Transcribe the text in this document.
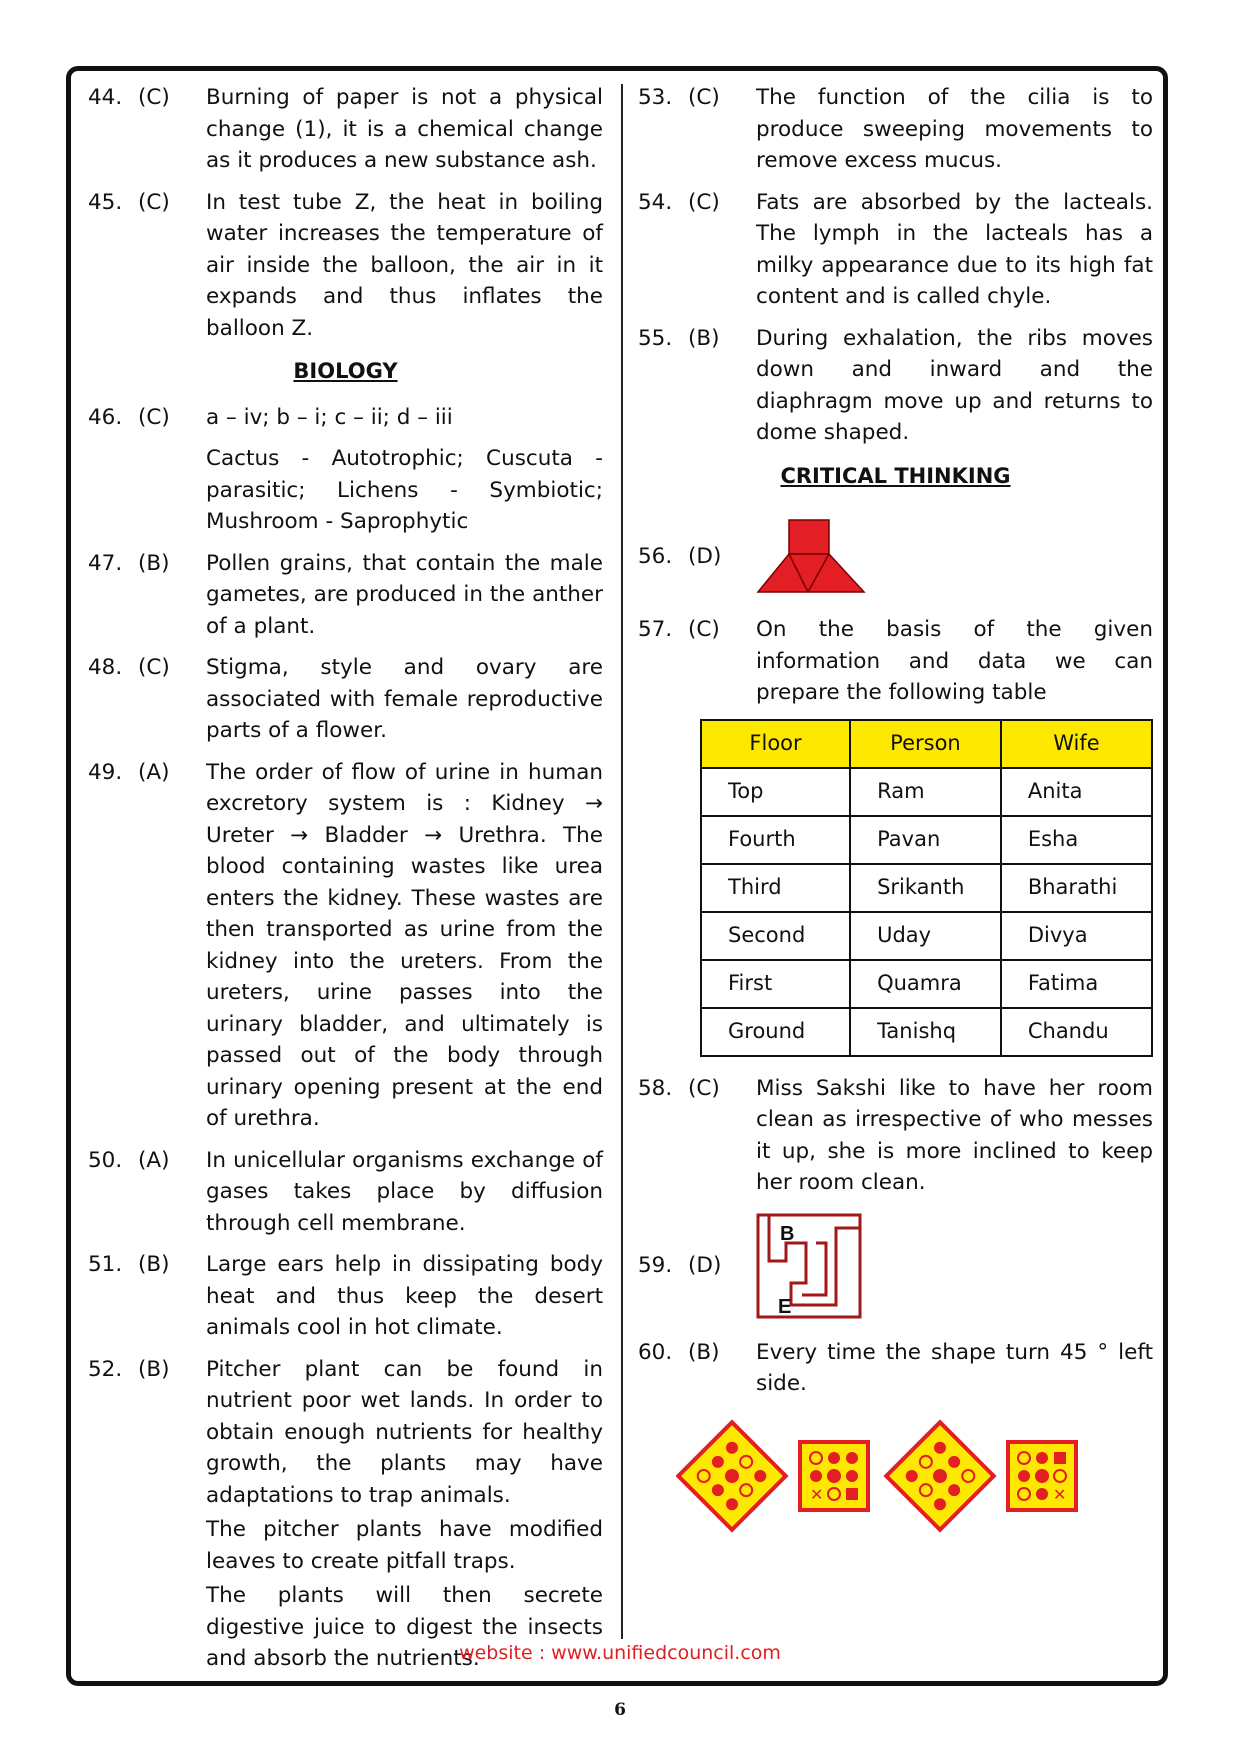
44. (C)	Burning of paper is not a physical change (1), it is a chemical change as it produces a new substance ash.
45. (C)	In test tube Z, the heat in boiling water increases the temperature of air inside the balloon, the air in it expands and thus inflates the balloon Z.
BIOLOGY
46. (C)	a – iv; b – i; c – ii; d – iii
Cactus - Autotrophic; Cuscuta - parasitic; Lichens - Symbiotic; Mushroom - Saprophytic
47. (B)	Pollen grains, that contain the male gametes, are produced in the anther of a plant.
48. (C)	Stigma, style and ovary are associated with female reproductive parts of a flower.
49. (A)	The order of flow of urine in human excretory system is : Kidney → Ureter → Bladder → Urethra. The blood containing wastes like urea enters the kidney. These wastes are then transported as urine from the kidney into the ureters. From the ureters, urine passes into the urinary bladder, and ultimately is passed out of the body through urinary opening present at the end of urethra.
50. (A)	In unicellular organisms exchange of gases takes place by diffusion through cell membrane.
51. (B)	Large ears help in dissipating body heat and thus keep the desert animals cool in hot climate.
52. (B)	Pitcher plant can be found in nutrient poor wet lands. In order to obtain enough nutrients for healthy growth, the plants may have adaptations to trap animals.

The pitcher plants have modified leaves to create pitfall traps.

The plants will then secrete digestive juice to digest the insects and absorb the nutrients.

53. (C)	The function of the cilia is to produce sweeping movements to remove excess mucus.
54. (C)	Fats are absorbed by the lacteals. The lymph in the lacteals has a milky appearance due to its high fat content and is called chyle.
55. (B)	During exhalation, the ribs moves down and inward and the diaphragm move up and returns to dome shaped.
CRITICAL THINKING
56. (D)
57. (C)	On the basis of the given information and data we can prepare the following table
Floor	Person	Wife
Top	Ram	Anita
Fourth	Pavan	Esha
Third	Srikanth	Bharathi
Second	Uday	Divya
First	Quamra	Fatima
Ground	Tanishq	Chandu
58. (C)	Miss Sakshi like to have her room clean as irrespective of who messes it up, she is more inclined to keep her room clean.
59. (D)
B
E
60. (B)	Every time the shape turn 45 ° left side.
✕	✕
website : www.unifiedcouncil.com
6
